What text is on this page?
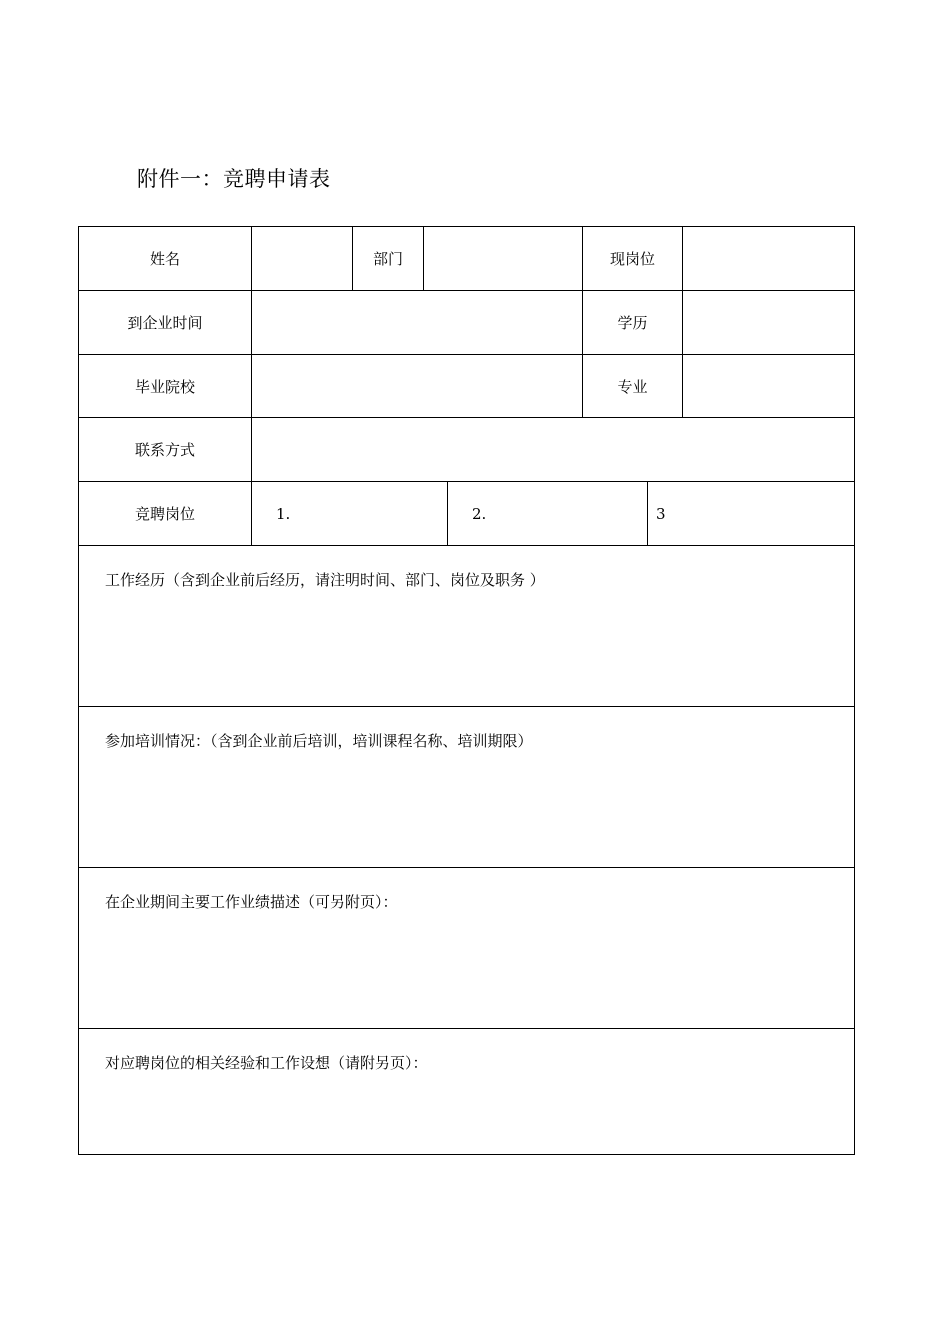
附件一：竞聘申请表
姓名	部门	现岗位
到企业时间	学历
毕业院校	专业
联系方式
竞聘岗位	1.	2.	3
工作经历（含到企业前后经历，请注明时间、部门、岗位及职务 ）
参加培训情况：（含到企业前后培训，培训课程名称、培训期限）
在企业期间主要工作业绩描述（可另附页）：
对应聘岗位的相关经验和工作设想（请附另页）：
